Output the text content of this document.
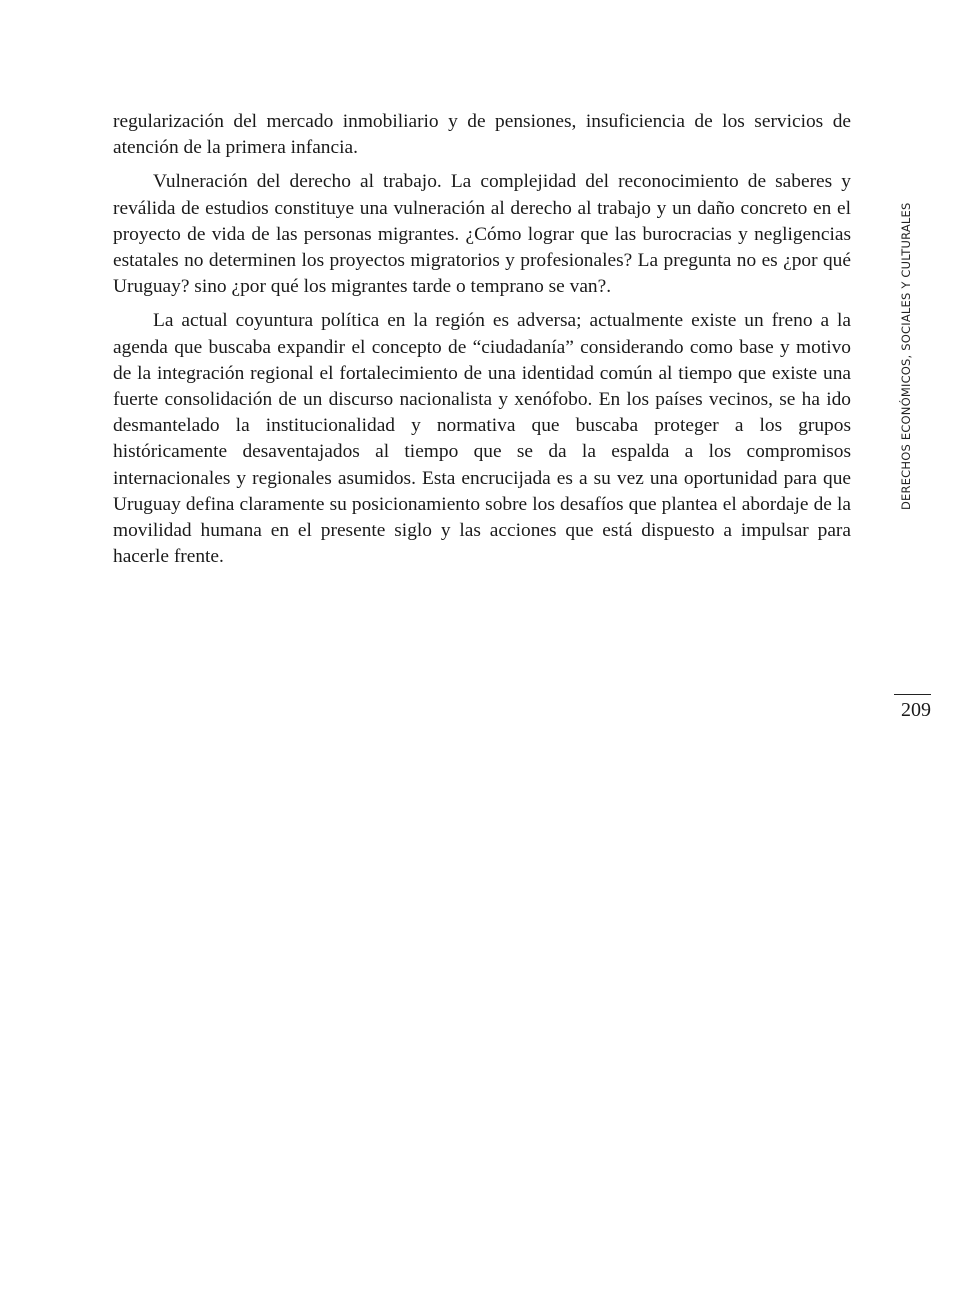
regularización del mercado inmobiliario y de pensiones, insuficiencia de los servicios de atención de la primera infancia.

Vulneración del derecho al trabajo. La complejidad del reconocimiento de saberes y reválida de estudios constituye una vulneración al derecho al trabajo y un daño concreto en el proyecto de vida de las personas migrantes. ¿Cómo lograr que las burocracias y negligencias estatales no determinen los proyectos migratorios y profesionales? La pregunta no es ¿por qué Uruguay? sino ¿por qué los migrantes tarde o temprano se van?.

La actual coyuntura política en la región es adversa; actualmente existe un freno a la agenda que buscaba expandir el concepto de “ciudadanía” considerando como base y motivo de la integración regional el fortalecimiento de una identidad común al tiempo que existe una fuerte consolidación de un discurso nacionalista y xenófobo. En los países vecinos, se ha ido desmantelado la institucionalidad y normativa que buscaba proteger a los grupos históricamente desaventajados al tiempo que se da la espalda a los compromisos internacionales y regionales asumidos. Esta encrucijada es a su vez una oportunidad para que Uruguay defina claramente su posicionamiento sobre los desafíos que plantea el abordaje de la movilidad humana en el presente siglo y las acciones que está dispuesto a impulsar para hacerle frente.

DERECHOS ECONÓMICOS, SOCIALES Y CULTURALES
209
